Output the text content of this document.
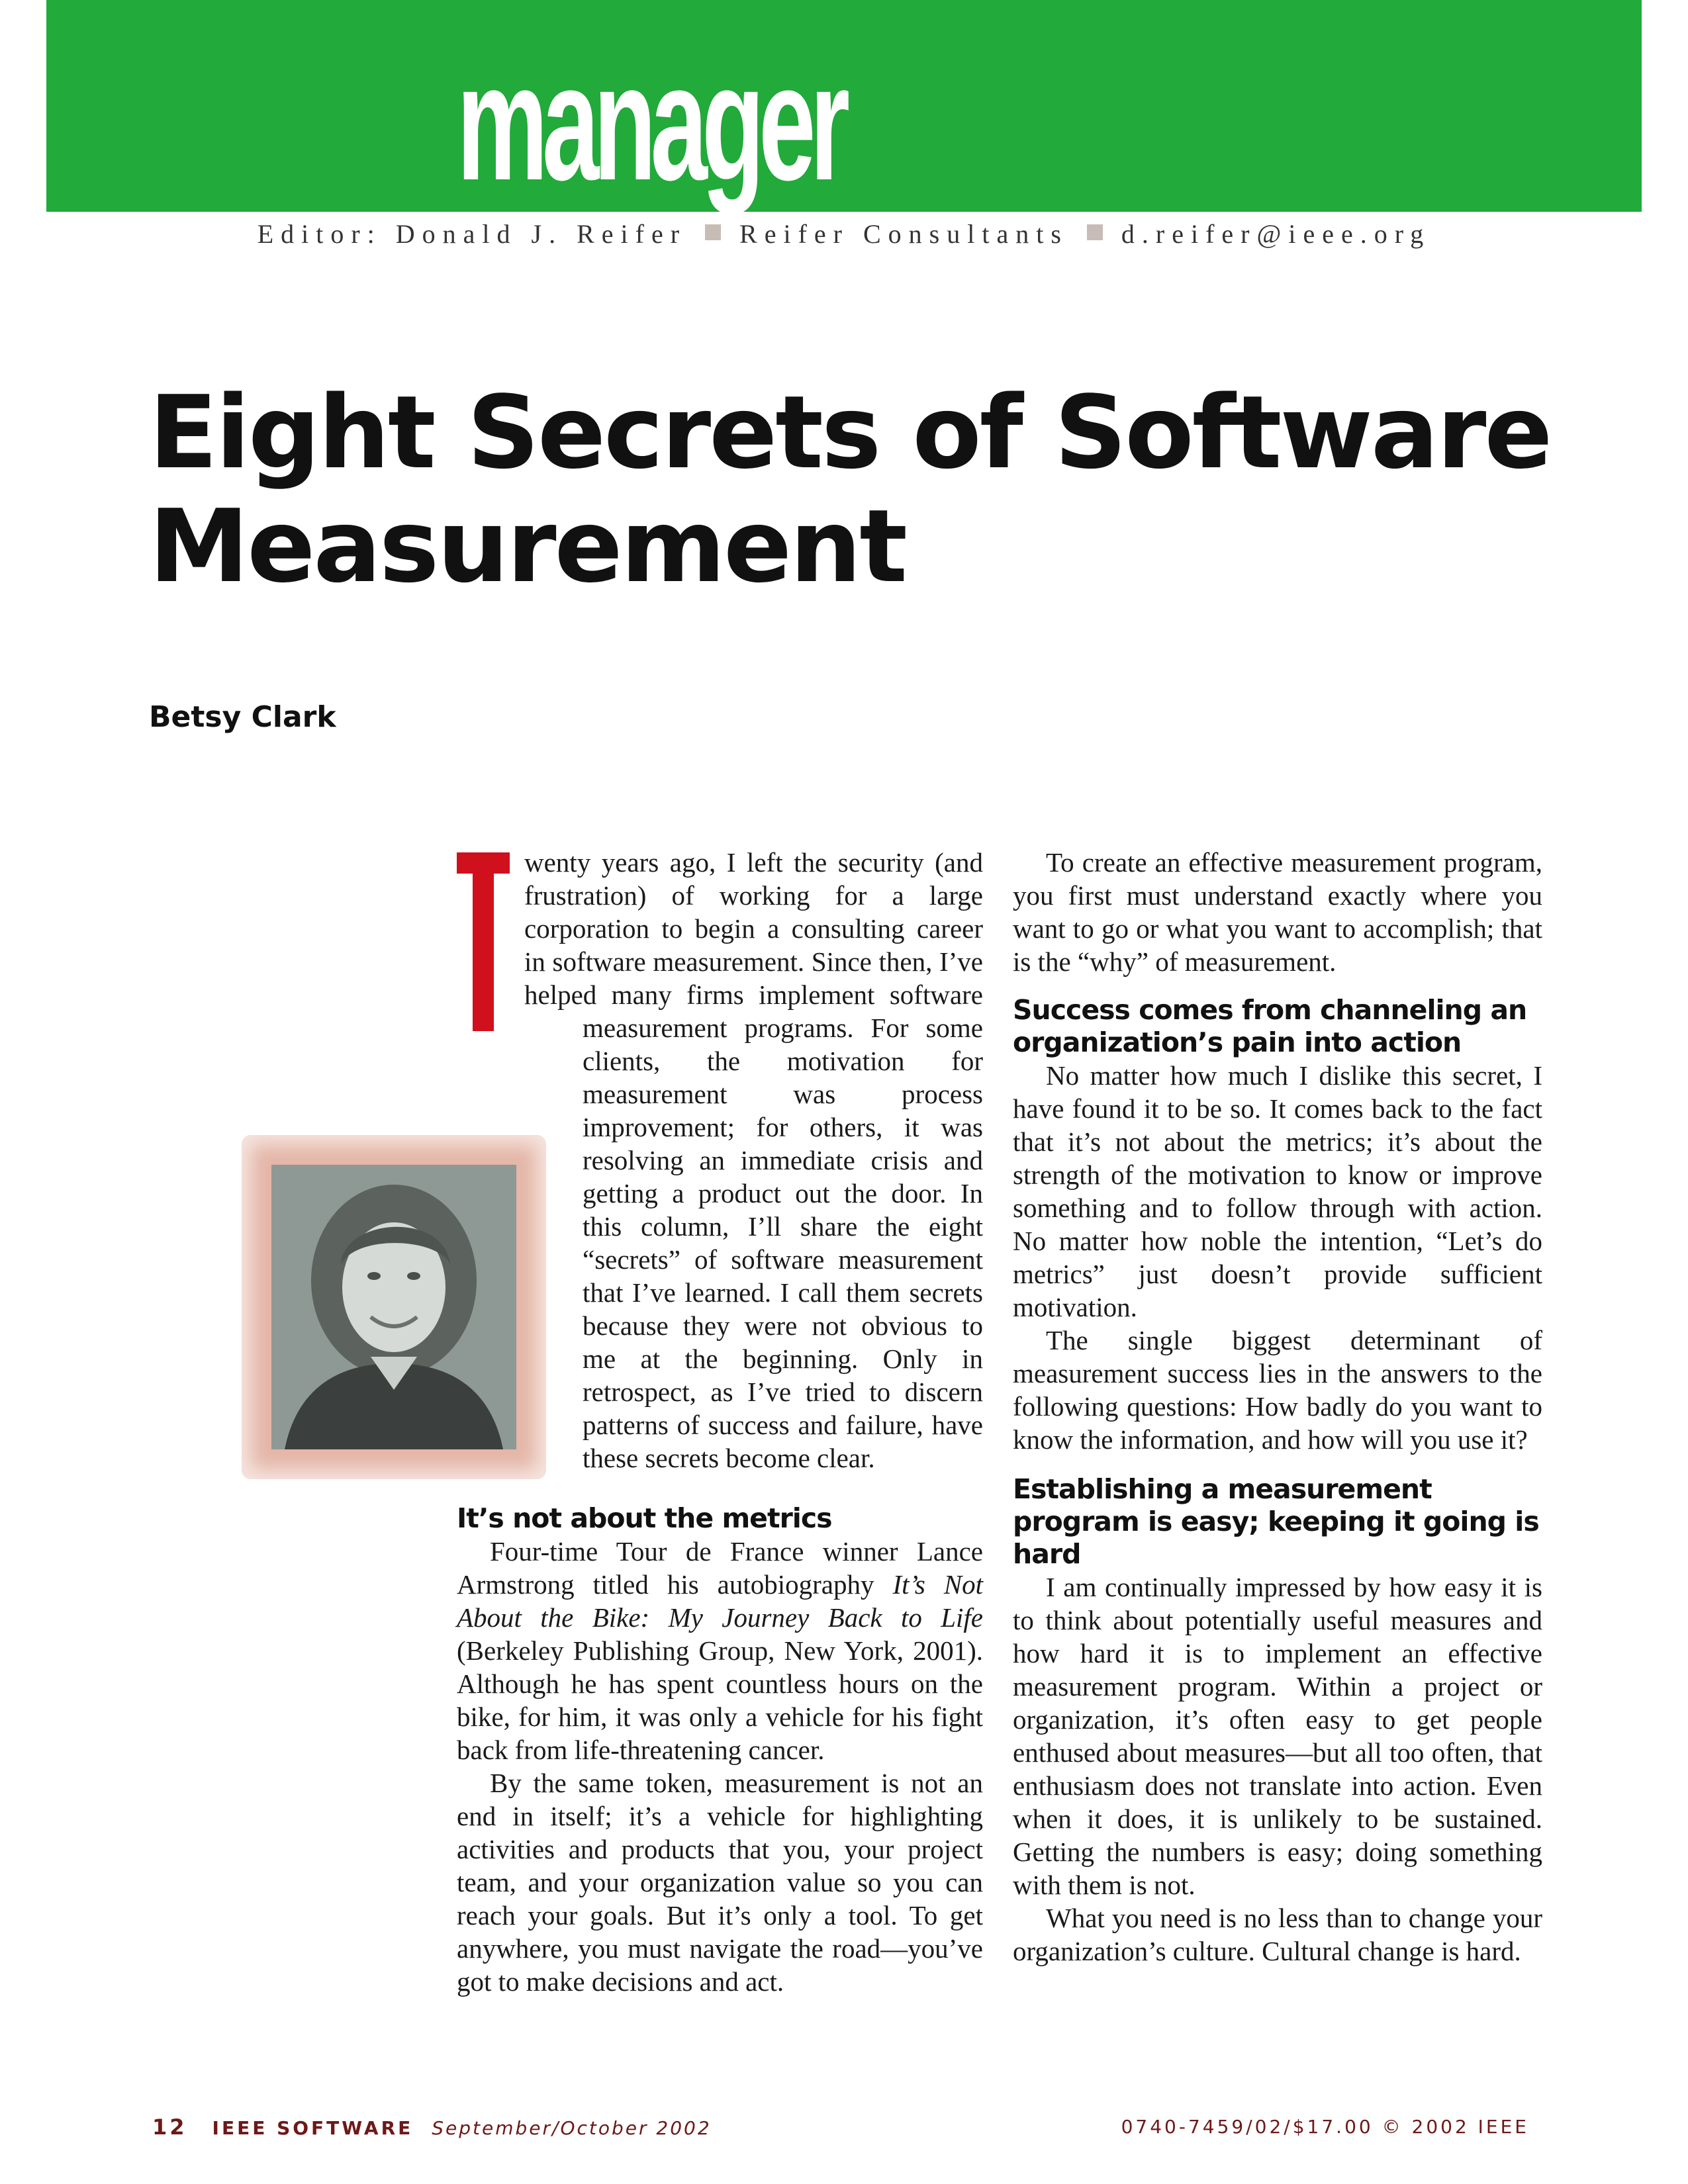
manager
Editor: Donald J. Reifer Reifer Consultants d.reifer@ieee.org
Eight Secrets of Software
Measurement
Betsy Clark

wenty years ago, I left the security (and frustration) of working for a large corporation to begin a consulting career in software measurement. Since then, I’ve helped many firms implement software measurement programs. For some clients, the motivation for measurement was process improvement; for others, it was resolving an immediate crisis and getting a product out the door. In this column, I’ll share the eight “secrets” of software measurement that I’ve learned. I call them secrets because they were not obvious to me at the beginning. Only in retrospect, as I’ve tried to discern patterns of success and failure, have these secrets become clear.

It’s not about the metrics

Four-time Tour de France winner Lance Armstrong titled his autobiography It’s Not About the Bike: My Journey Back to Life (Berkeley Publishing Group, New York, 2001). Although he has spent countless hours on the bike, for him, it was only a vehicle for his fight back from life-threatening cancer.

By the same token, measurement is not an end in itself; it’s a vehicle for highlighting activities and products that you, your project team, and your organization value so you can reach your goals. But it’s only a tool. To get anywhere, you must navigate the road—you’ve got to make decisions and act.

To create an effective measurement program, you first must understand exactly where you want to go or what you want to accomplish; that is the “why” of measurement.

Success comes from channeling an organization’s pain into action

No matter how much I dislike this secret, I have found it to be so. It comes back to the fact that it’s not about the metrics; it’s about the strength of the motivation to know or improve something and to follow through with action. No matter how noble the intention, “Let’s do metrics” just doesn’t provide sufficient motivation.

The single biggest determinant of measurement success lies in the answers to the following questions: How badly do you want to know the information, and how will you use it?

Establishing a measurement program is easy; keeping it going is hard

I am continually impressed by how easy it is to think about potentially useful measures and how hard it is to implement an effective measurement program. Within a project or organization, it’s often easy to get people enthused about measures—but all too often, that enthusiasm does not translate into action. Even when it does, it is unlikely to be sustained. Getting the numbers is easy; doing something with them is not.

What you need is no less than to change your organization’s culture. Cultural change is hard.

12 IEEE SOFTWARE September/October 2002	0740-7459/02/$17.00 © 2002 IEEE
